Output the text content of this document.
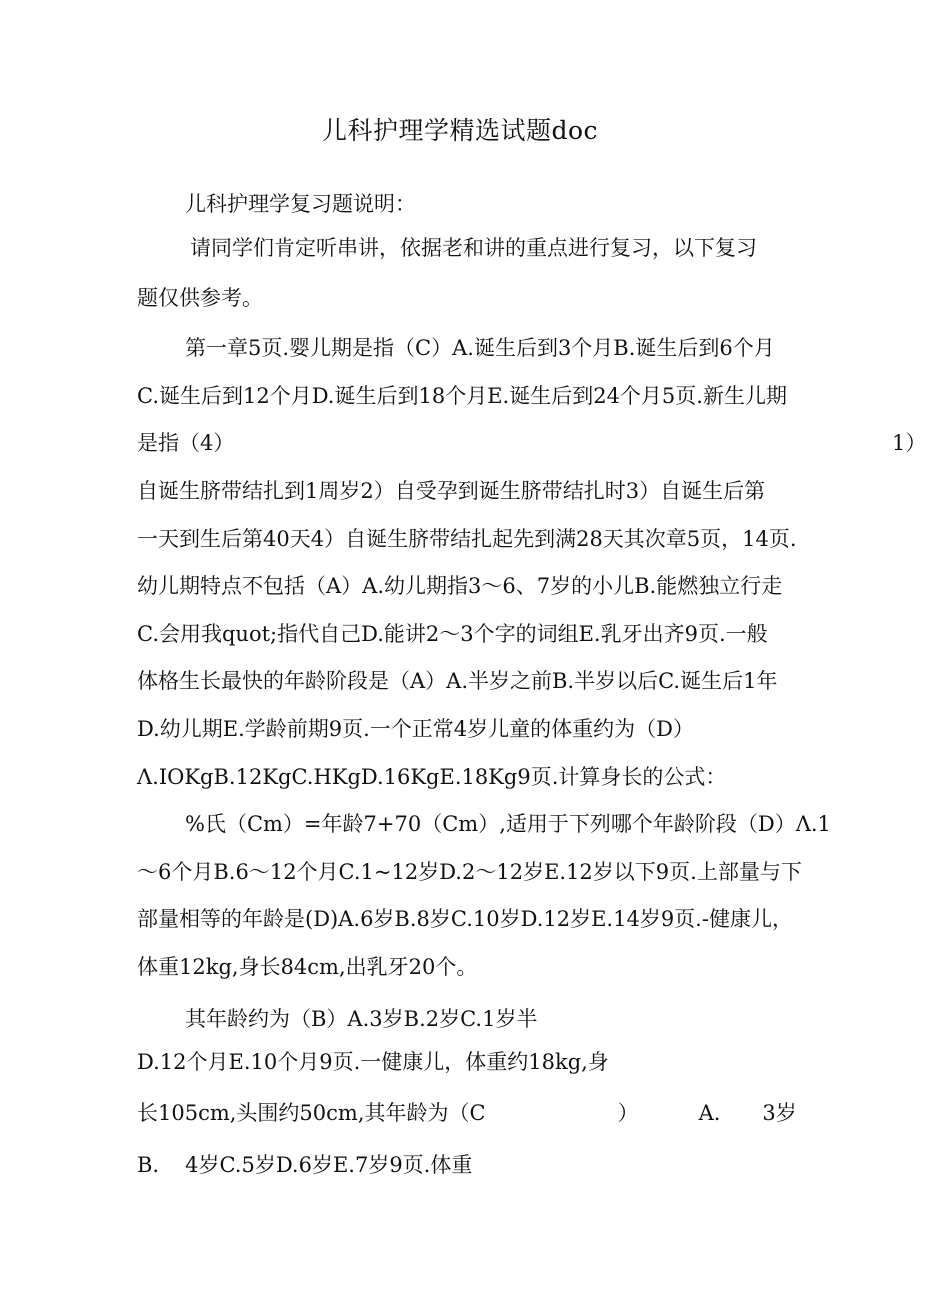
儿科护理学精选试题doc
儿科护理学复习题说明：
请同学们肯定听串讲，依据老和讲的重点进行复习，以下复习
题仅供参考。
第一章5页.婴儿期是指（C）A.诞生后到3个月B.诞生后到6个月
C.诞生后到12个月D.诞生后到18个月E.诞生后到24个月5页.新生儿期
是指（4）	1）
自诞生脐带结扎到1周岁2）自受孕到诞生脐带结扎时3）自诞生后第
一天到生后第40天4）自诞生脐带结扎起先到满28天其次章5页，14页.
幼儿期特点不包括（A）A.幼儿期指3～6、7岁的小儿B.能燃独立行走
C.会用我quot;指代自己D.能讲2～3个字的词组E.乳牙出齐9页.一般
体格生长最快的年龄阶段是（A）A.半岁之前B.半岁以后C.诞生后1年
D.幼儿期E.学龄前期9页.一个正常4岁儿童的体重约为（D）
Λ.IOKgB.12KgC.HKgD.16KgE.18Kg9页.计算身长的公式：
%氏（Cm）=年龄7+70（Cm）,适用于下列哪个年龄阶段（D）Λ.1
～6个月B.6～12个月C.1~12岁D.2～12岁E.12岁以下9页.上部量与下
部量相等的年龄是(D)A.6岁B.8岁C.10岁D.12岁E.14岁9页.-健康儿，
体重12kg,身长84cm,出乳牙20个。
其年龄约为（B）A.3岁B.2岁C.1岁半
D.12个月E.10个月9页.一健康儿，体重约18kg,身
长105cm,头围约50cm,其年龄为（C	）	A. 3岁
B. 4岁C.5岁D.6岁E.7岁9页.体重
